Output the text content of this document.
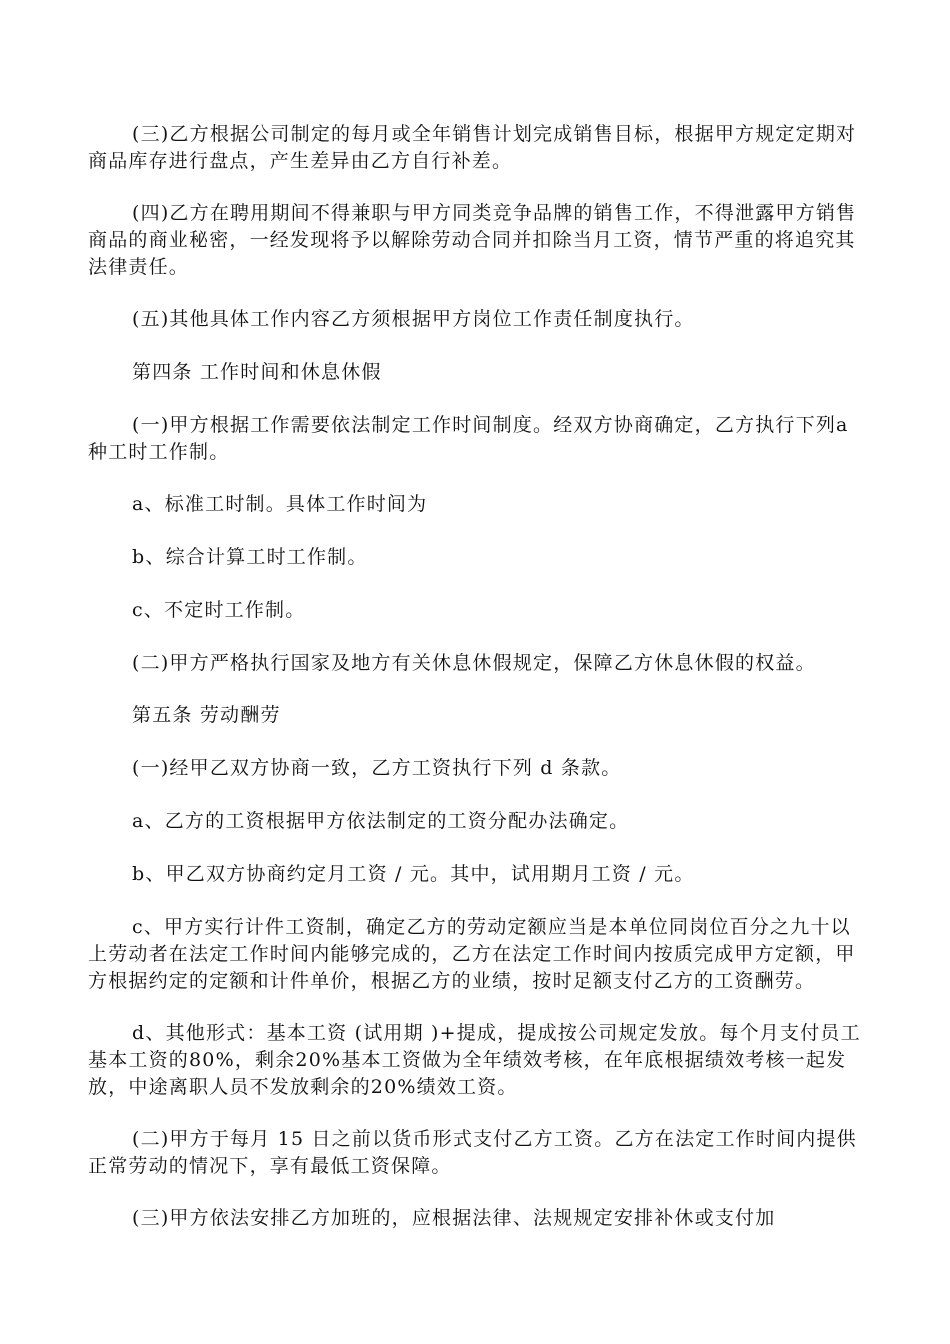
(三)乙方根据公司制定的每月或全年销售计划完成销售目标，根据甲方规定定期对商品库存进行盘点，产生差异由乙方自行补差。

(四)乙方在聘用期间不得兼职与甲方同类竞争品牌的销售工作，不得泄露甲方销售商品的商业秘密，一经发现将予以解除劳动合同并扣除当月工资，情节严重的将追究其法律责任。

(五)其他具体工作内容乙方须根据甲方岗位工作责任制度执行。

第四条 工作时间和休息休假

(一)甲方根据工作需要依法制定工作时间制度。经双方协商确定，乙方执行下列a种工时工作制。

a、标准工时制。具体工作时间为

b、综合计算工时工作制。

c、不定时工作制。

(二)甲方严格执行国家及地方有关休息休假规定，保障乙方休息休假的权益。

第五条 劳动酬劳

(一)经甲乙双方协商一致，乙方工资执行下列 d 条款。

a、乙方的工资根据甲方依法制定的工资分配办法确定。

b、甲乙双方协商约定月工资 / 元。其中，试用期月工资 / 元。

c、甲方实行计件工资制，确定乙方的劳动定额应当是本单位同岗位百分之九十以上劳动者在法定工作时间内能够完成的，乙方在法定工作时间内按质完成甲方定额，甲方根据约定的定额和计件单价，根据乙方的业绩，按时足额支付乙方的工资酬劳。

d、其他形式：基本工资 (试用期 )+提成，提成按公司规定发放。每个月支付员工基本工资的80%，剩余20%基本工资做为全年绩效考核，在年底根据绩效考核一起发放，中途离职人员不发放剩余的20%绩效工资。

(二)甲方于每月 15 日之前以货币形式支付乙方工资。乙方在法定工作时间内提供正常劳动的情况下，享有最低工资保障。

(三)甲方依法安排乙方加班的，应根据法律、法规规定安排补休或支付加
